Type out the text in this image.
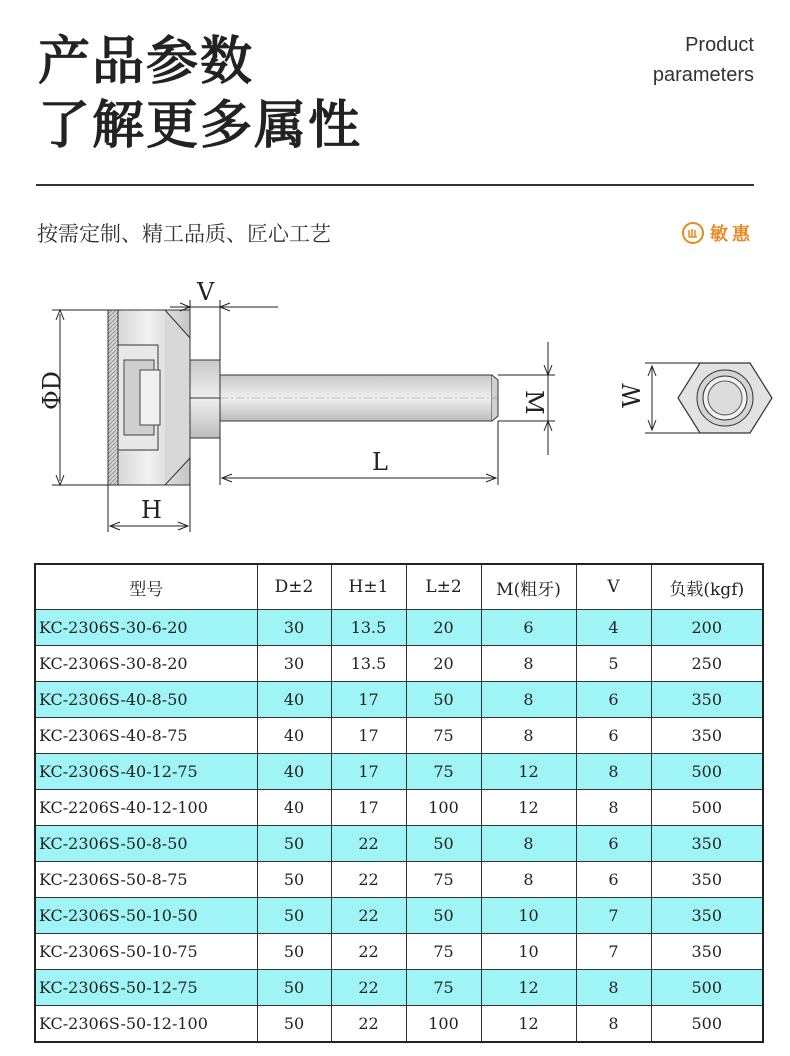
产品参数
了解更多属性
Product
parameters
按需定制、精工品质、匠心工艺	敏惠
ΦD
V
M
L
H
W
型号	D±2	H±1	L±2	M(粗牙)	V	负载(kgf)
KC-2306S-30-6-20	30	13.5	20	6	4	200
KC-2306S-30-8-20	30	13.5	20	8	5	250
KC-2306S-40-8-50	40	17	50	8	6	350
KC-2306S-40-8-75	40	17	75	8	6	350
KC-2306S-40-12-75	40	17	75	12	8	500
KC-2206S-40-12-100	40	17	100	12	8	500
KC-2306S-50-8-50	50	22	50	8	6	350
KC-2306S-50-8-75	50	22	75	8	6	350
KC-2306S-50-10-50	50	22	50	10	7	350
KC-2306S-50-10-75	50	22	75	10	7	350
KC-2306S-50-12-75	50	22	75	12	8	500
KC-2306S-50-12-100	50	22	100	12	8	500
